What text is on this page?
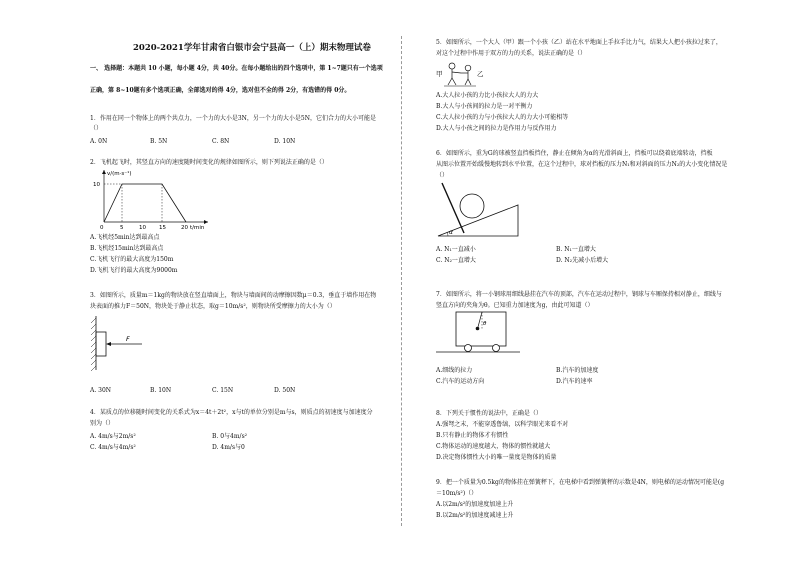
2020-2021学年甘肃省白银市会宁县高一（上）期末物理试卷
一、 选择题：本题共 10 小题，每小题 4分，共 40分。在每小题给出的四个选项中，第 1~7题只有一个选项
正确，第 8~10题有多个选项正确，全部选对的得 4分，选对但不全的得 2分，有选错的得 0分。
1．作用在同一个物体上的两个共点力，一个力的大小是3N，另一个力的大小是5N，它们合力的大小可能是
（）
A. 0N	B. 5N	C. 8N	D. 10N
2．飞机起飞时，其竖直方向的速度随时间变化的规律如图所示，则下列说法正确的是（）
v/(m·s⁻¹)
10
0	5	10 15	20 t/min
A.飞机经5min达到最高点
B.飞机经15min达到最高点
C.飞机飞行的最大高度为150m
D.飞机飞行的最大高度为9000m
3．如图所示，质量m＝1kg的物块放在竖直墙面上，物块与墙面间的动摩擦因数μ＝0.3，垂直于墙作用在物
块表面的推力F＝50N，物块处于静止状态，取g＝10m/s²，则物块所受摩擦力的大小为（）
F
A. 30N	B. 10N	C. 15N	D. 50N
4．某质点的位移随时间变化的关系式为x＝4t＋2t²，x与t的单位分别是m与s，则质点的初速度与加速度分
别为（）
A. 4m/s与2m/s²	B. 0与4m/s²
C. 4m/s与4m/s²	D. 4m/s与0
5．如图所示，一个大人（甲）跟一个小孩（乙）站在水平地面上手拉手比力气，结果大人把小孩拉过来了，
对这个过程中作用于双方的力的关系，说法正确的是（）
甲	乙
A.大人拉小孩的力比小孩拉大人的力大
B.大人与小孩间的拉力是一对平衡力
C.大人拉小孩的力与小孩拉大人的力大小可能相等
D.大人与小孩之间的拉力是作用力与反作用力
6．如图所示，重为G的球被竖直挡板挡住，静止在倾角为α的光滑斜面上，挡板可以绕着底端转动，挡板
从图示位置开始缓慢地转到水平位置，在这个过程中，球对挡板的压力N₁和对斜面的压力N₂的大小变化情况是
（）
α
A. N₁一直减小	B. N₁一直增大
C. N₂一直增大	D. N₂先减小后增大
7．如图所示，将一小钢球用细线悬挂在汽车的顶部，汽车在运动过程中，钢球与车厢保持相对静止，细线与
竖直方向的夹角为θ。已知重力加速度为g，由此可知道（）
θ
A.细线的拉力	B.汽车的加速度
C.汽车的运动方向	D.汽车的速率
8．下列关于惯性的说法中，正确是（）
A.强弩之末，不能穿透鲁缟，以科学眼光来看不对
B.只有静止的物体才有惯性
C.物体运动的速度越大，物体的惯性就越大
D.决定物体惯性大小的唯一量度是物体的质量
9．把一个质量为0.5kg的物体挂在弹簧秤下，在电梯中看到弹簧秤的示数是4N，则电梯的运动情况可能是(g
＝10m/s²)（）
A.以2m/s²的加速度加速上升
B.以2m/s²的加速度减速上升
